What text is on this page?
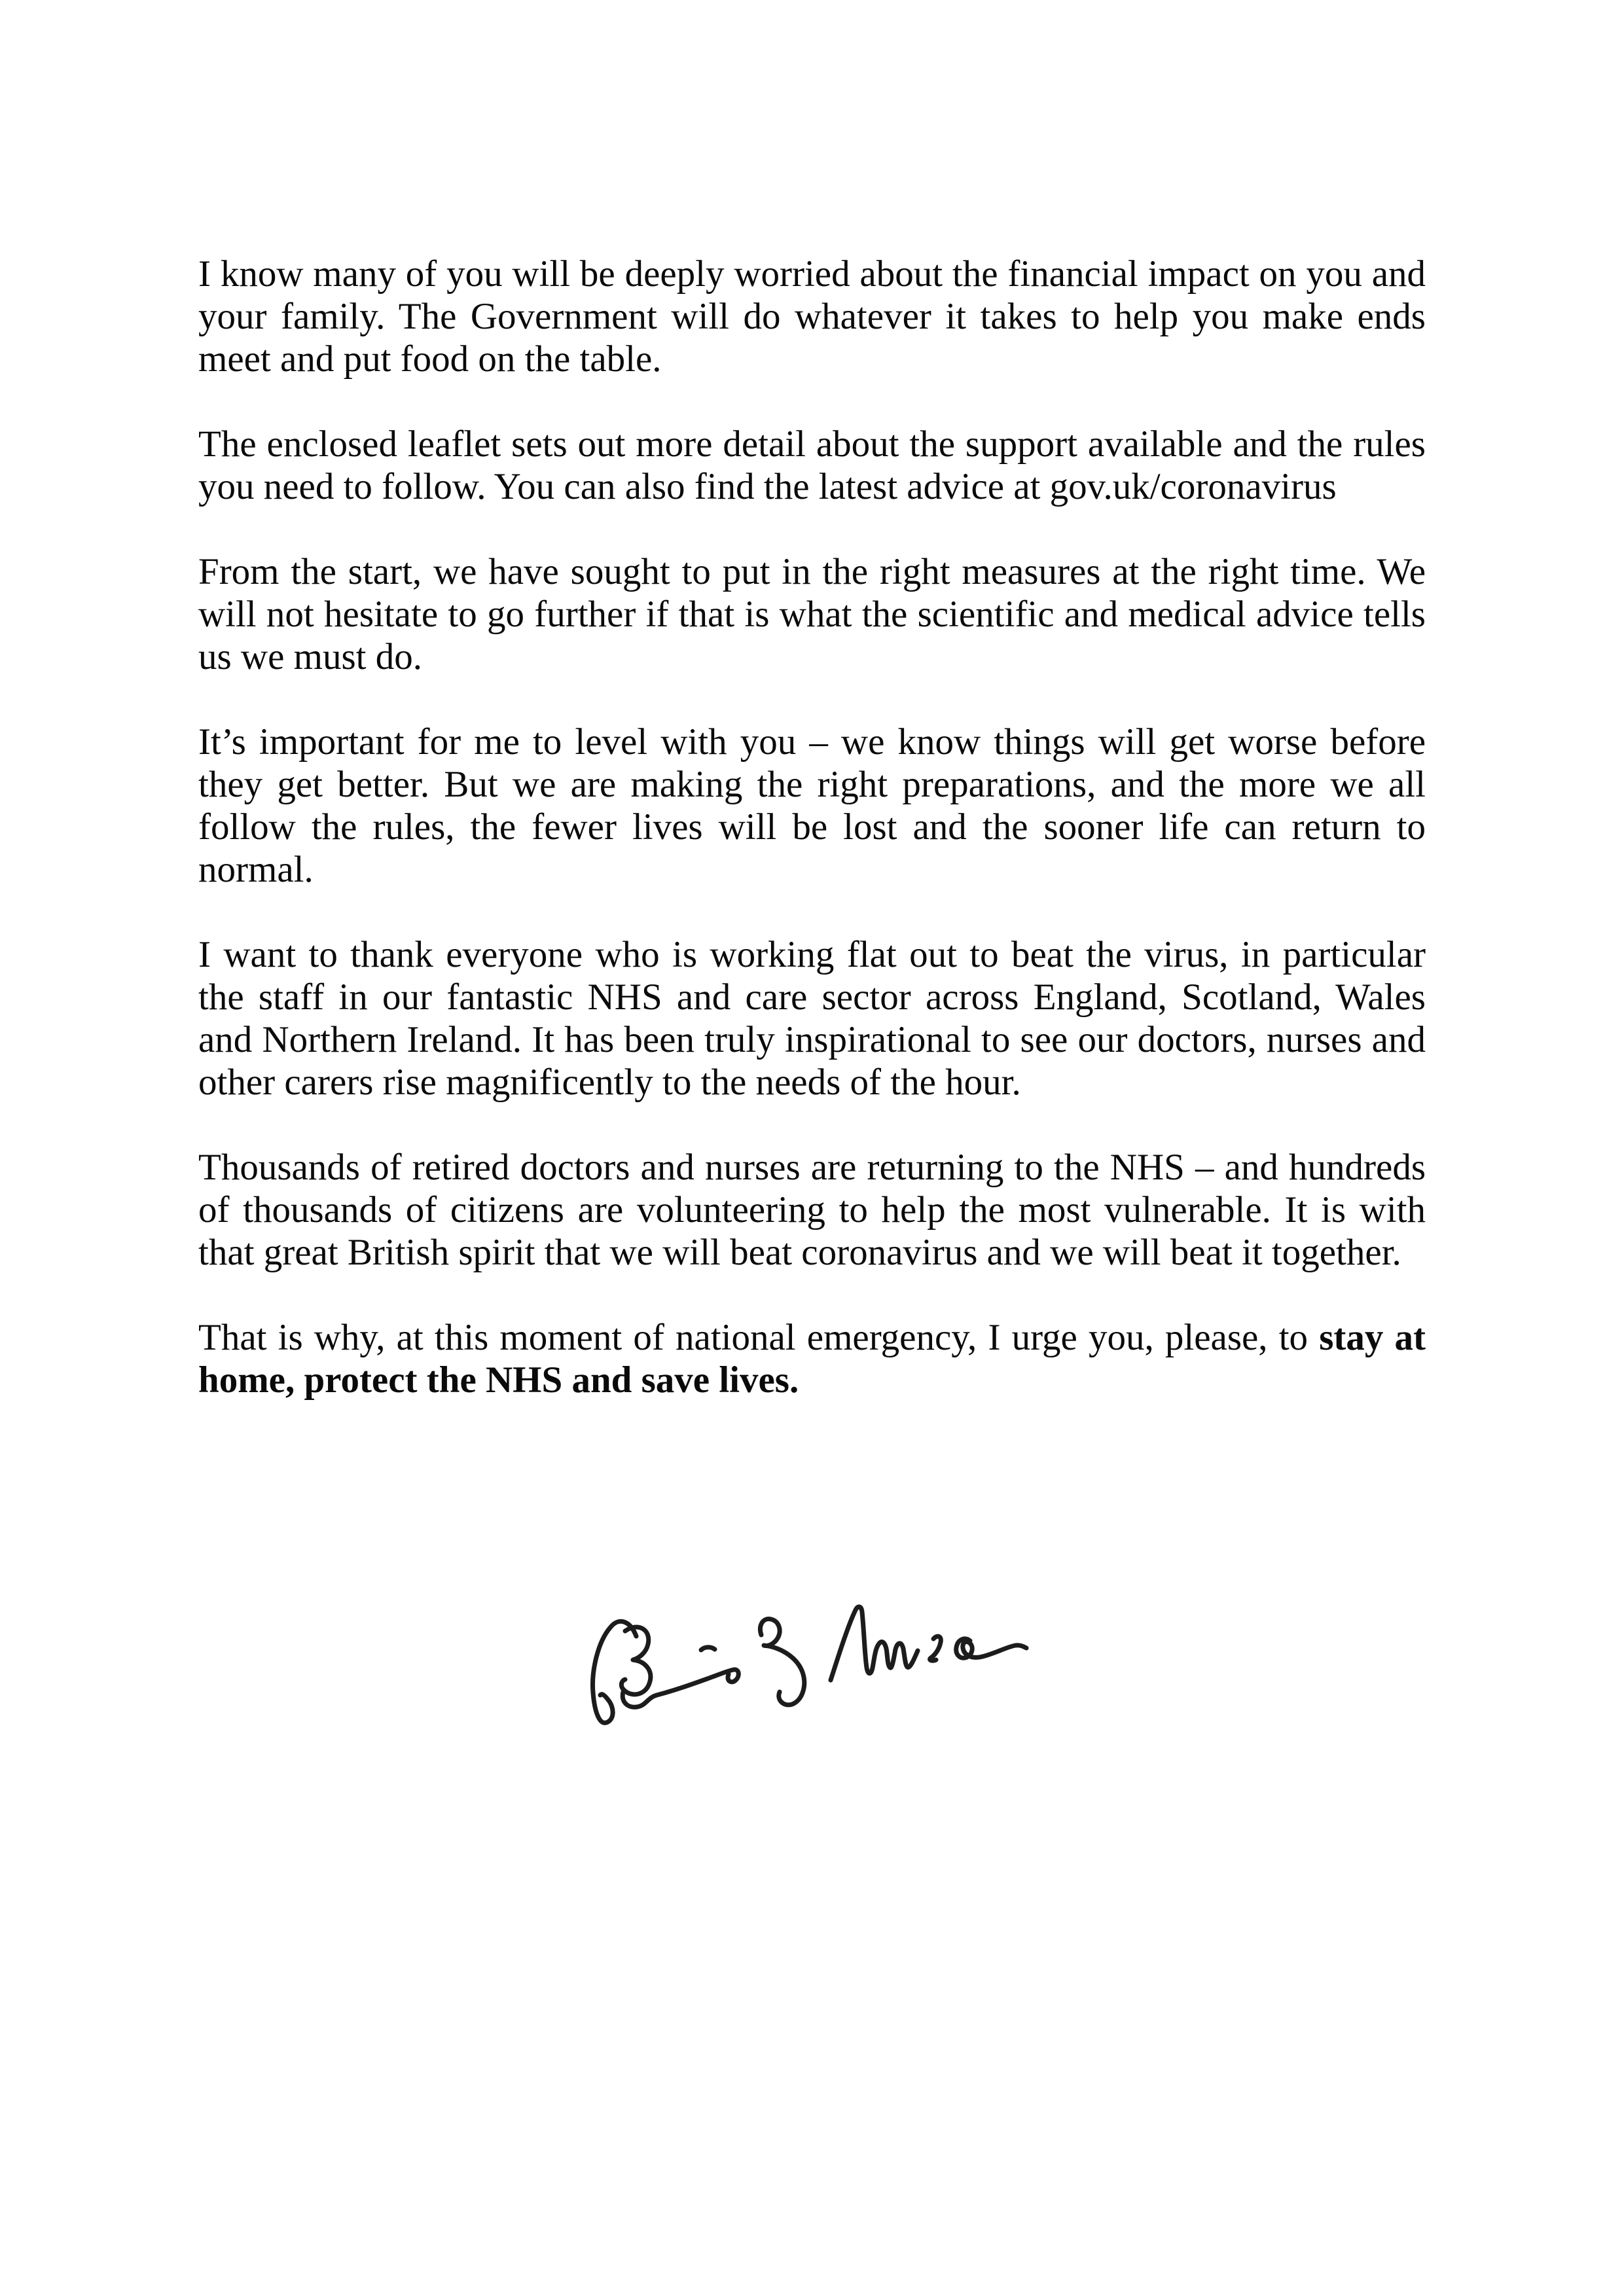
I know many of you will be deeply worried about the financial impact on you and your family. The Government will do whatever it takes to help you make ends meet and put food on the table.

The enclosed leaflet sets out more detail about the support available and the rules you need to follow. You can also find the latest advice at gov.uk/coronavirus

From the start, we have sought to put in the right measures at the right time. We will not hesitate to go further if that is what the scientific and medical advice tells us we must do.

It’s important for me to level with you – we know things will get worse before they get better. But we are making the right preparations, and the more we all follow the rules, the fewer lives will be lost and the sooner life can return to normal.

I want to thank everyone who is working flat out to beat the virus, in particular the staff in our fantastic NHS and care sector across England, Scotland, Wales and Northern Ireland. It has been truly inspirational to see our doctors, nurses and other carers rise magnificently to the needs of the hour.

Thousands of retired doctors and nurses are returning to the NHS – and hundreds of thousands of citizens are volunteering to help the most vulnerable. It is with that great British spirit that we will beat coronavirus and we will beat it together.

That is why, at this moment of national emergency, I urge you, please, to stay at home, protect the NHS and save lives.
